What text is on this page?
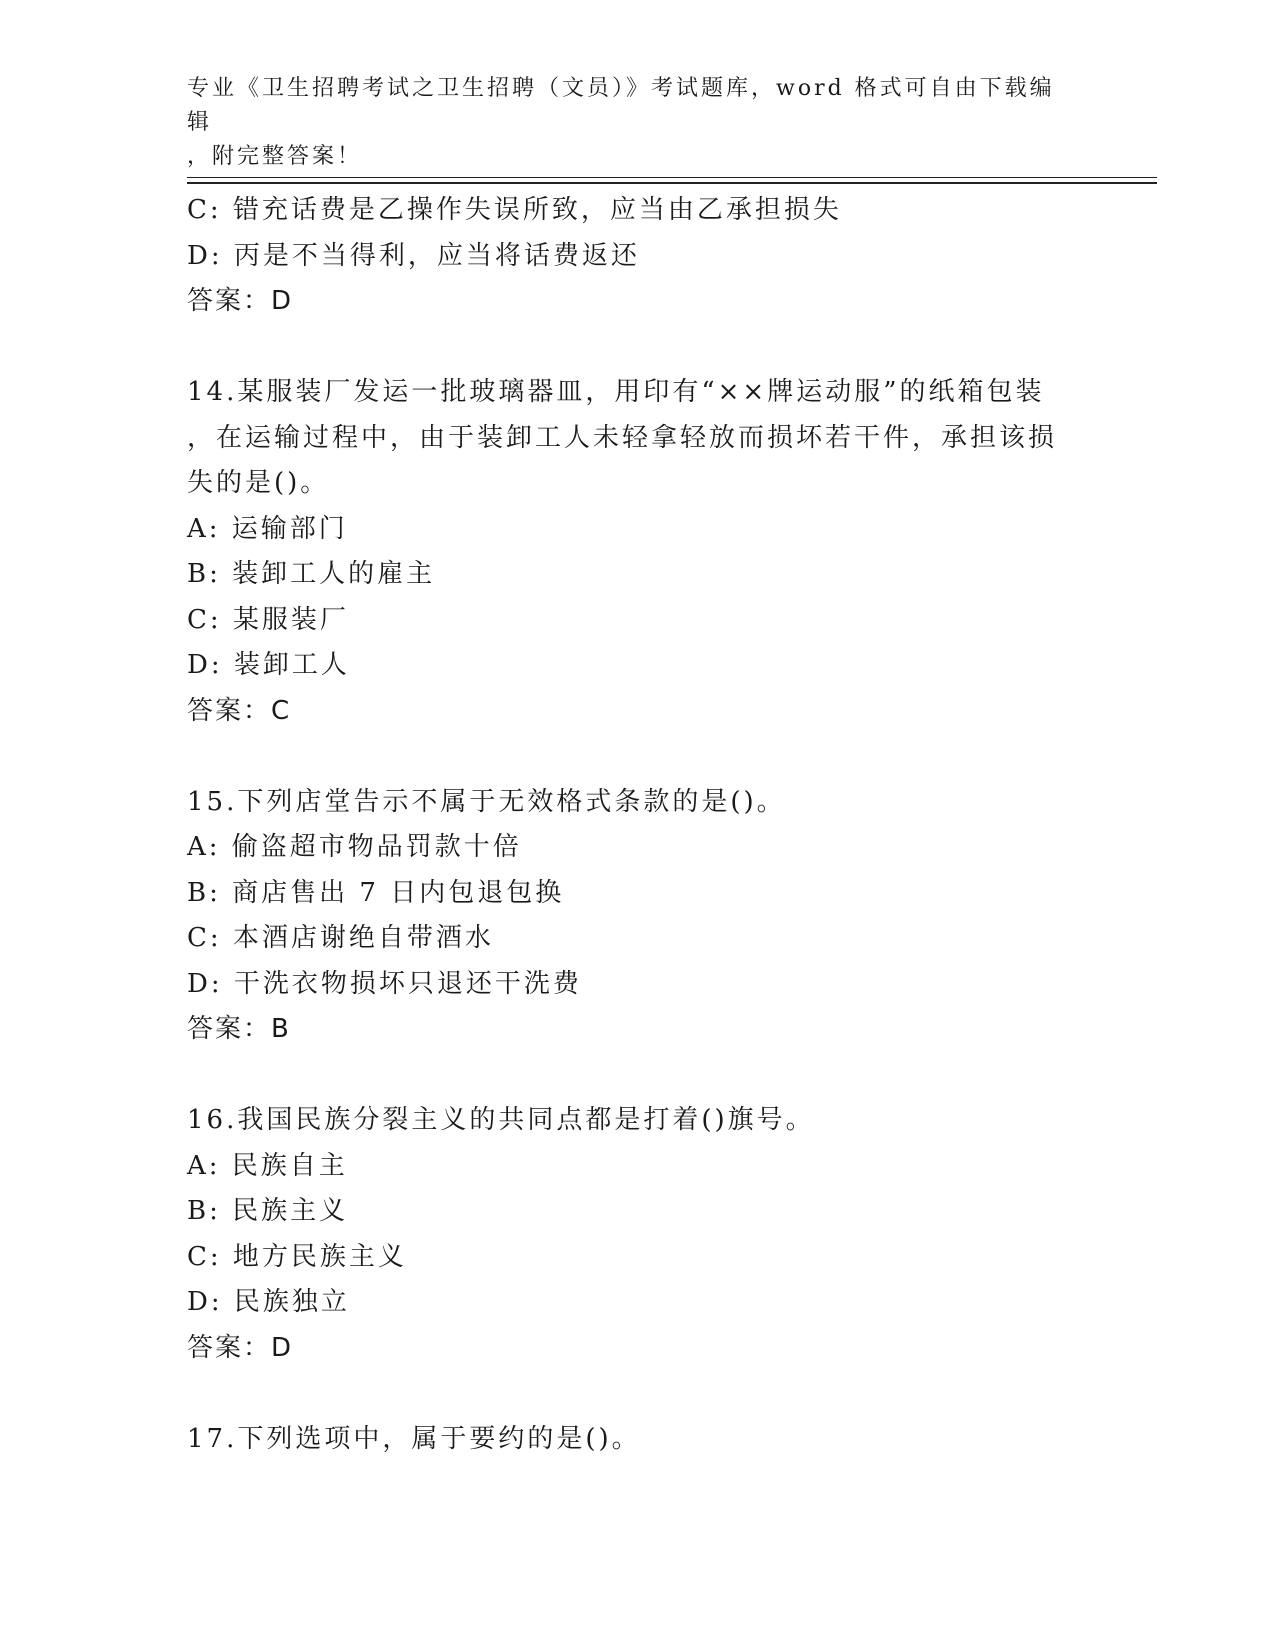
专业《卫生招聘考试之卫生招聘（文员）》考试题库，word 格式可自由下载编辑
，附完整答案！

C: 错充话费是乙操作失误所致，应当由乙承担损失

D: 丙是不当得利，应当将话费返还

答案：D

14.某服装厂发运一批玻璃器皿，用印有“××牌运动服”的纸箱包装

，在运输过程中，由于装卸工人未轻拿轻放而损坏若干件，承担该损

失的是()。

A: 运输部门

B: 装卸工人的雇主

C: 某服装厂

D: 装卸工人

答案：C

15.下列店堂告示不属于无效格式条款的是()。

A: 偷盗超市物品罚款十倍

B: 商店售出 7 日内包退包换

C: 本酒店谢绝自带酒水

D: 干洗衣物损坏只退还干洗费

答案：B

16.我国民族分裂主义的共同点都是打着()旗号。

A: 民族自主

B: 民族主义

C: 地方民族主义

D: 民族独立

答案：D

17.下列选项中，属于要约的是()。
